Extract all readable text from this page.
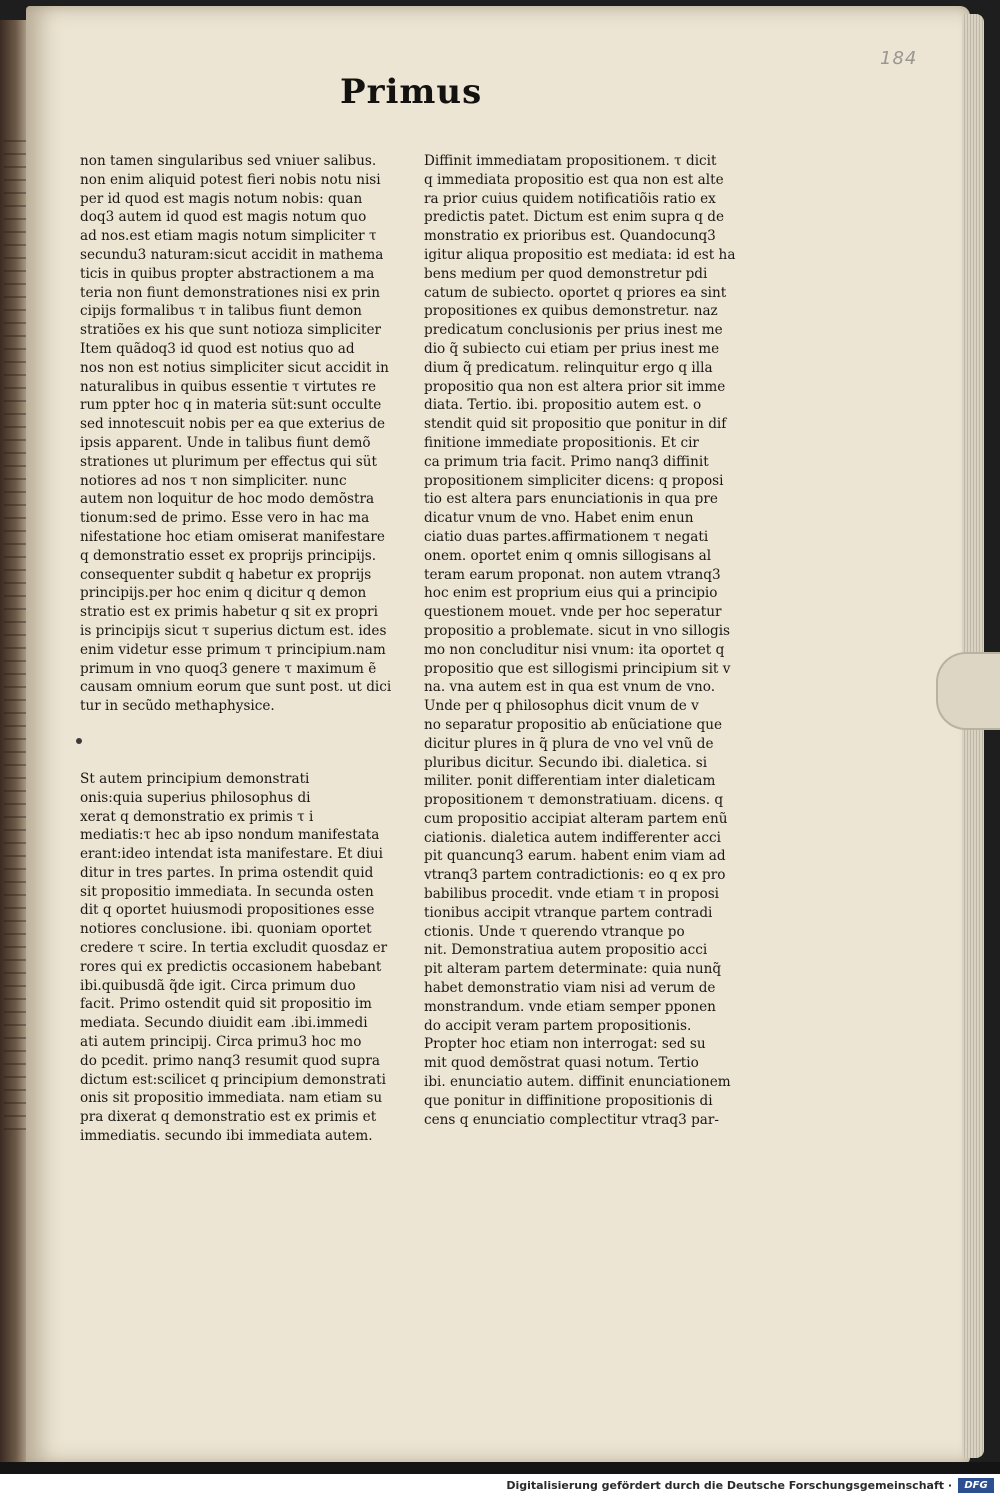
184
Primus
non tamen singularibus sed vniuer salibus.
non enim aliquid potest fieri nobis notu nisi
per id quod est magis notum nobis: quan
doq3 autem id quod est magis notum quo
ad nos.est etiam magis notum simpliciter τ
secundu3 naturam:sicut accidit in mathema
ticis in quibus propter abstractionem a ma
teria non fiunt demonstrationes nisi ex prin
cipijs formalibus τ in talibus fiunt demon
stratiões ex his que sunt notioza simpliciter
Item quãdoq3 id quod est notius quo ad
nos non est notius simpliciter sicut accidit in
naturalibus in quibus essentie τ virtutes re
rum ppter hoc q in materia süt:sunt occulte
sed innotescuit nobis per ea que exterius de
ipsis apparent. Unde in talibus fiunt demõ
strationes ut plurimum per effectus qui süt
notiores ad nos τ non simpliciter. nunc
autem non loquitur de hoc modo demõstra
tionum:sed de primo. Esse vero in hac ma
nifestatione hoc etiam omiserat manifestare
q demonstratio esset ex proprijs principijs.
consequenter subdit q habetur ex proprijs
principijs.per hoc enim q dicitur q demon
stratio est ex primis habetur q sit ex propri
is principijs sicut τ superius dictum est. ides
enim videtur esse primum τ principium.nam
primum in vno quoq3 genere τ maximum ẽ
causam omnium eorum que sunt post. ut dici
tur in secũdo methaphysice.
St autem principium demonstrati
onis:quia superius philosophus di
xerat q demonstratio ex primis τ i
mediatis:τ hec ab ipso nondum manifestata
erant:ideo intendat ista manifestare. Et diui
ditur in tres partes. In prima ostendit quid
sit propositio immediata. In secunda osten
dit q oportet huiusmodi propositiones esse
notiores conclusione. ibi. quoniam oportet
credere τ scire. In tertia excludit quosdaz er
rores qui ex predictis occasionem habebant
ibi.quibusdã q̃de igit. Circa primum duo
facit. Primo ostendit quid sit propositio im
mediata. Secundo diuidit eam .ibi.immedi
ati autem principij. Circa primu3 hoc mo
do pcedit. primo nanq3 resumit quod supra
dictum est:scilicet q principium demonstrati
onis sit propositio immediata. nam etiam su
pra dixerat q demonstratio est ex primis et
immediatis. secundo ibi immediata autem.
Diffinit immediatam propositionem. τ dicit
q immediata propositio est qua non est alte
ra prior cuius quidem notificatiõis ratio ex
predictis patet. Dictum est enim supra q de
monstratio ex prioribus est. Quandocunq3
igitur aliqua propositio est mediata: id est ha
bens medium per quod demonstretur pdi
catum de subiecto. oportet q priores ea sint
propositiones ex quibus demonstretur. naz
predicatum conclusionis per prius inest me
dio q̃ subiecto cui etiam per prius inest me
dium q̃ predicatum. relinquitur ergo q illa
propositio qua non est altera prior sit imme
diata. Tertio. ibi. propositio autem est. o
stendit quid sit propositio que ponitur in dif
finitione immediate propositionis. Et cir
ca primum tria facit. Primo nanq3 diffinit
propositionem simpliciter dicens: q proposi
tio est altera pars enunciationis in qua pre
dicatur vnum de vno. Habet enim enun
ciatio duas partes.affirmationem τ negati
onem. oportet enim q omnis sillogisans al
teram earum proponat. non autem vtranq3
hoc enim est proprium eius qui a principio
questionem mouet. vnde per hoc seperatur
propositio a problemate. sicut in vno sillogis
mo non concluditur nisi vnum: ita oportet q
propositio que est sillogismi principium sit v
na. vna autem est in qua est vnum de vno.
Unde per q philosophus dicit vnum de v
no separatur propositio ab enũciatione que
dicitur plures in q̃ plura de vno vel vnũ de
pluribus dicitur. Secundo ibi. dialetica. si
militer. ponit differentiam inter dialeticam
propositionem τ demonstratiuam. dicens. q
cum propositio accipiat alteram partem enũ
ciationis. dialetica autem indifferenter acci
pit quancunq3 earum. habent enim viam ad
vtranq3 partem contradictionis: eo q ex pro
babilibus procedit. vnde etiam τ in proposi
tionibus accipit vtranque partem contradi
ctionis. Unde τ querendo vtranque po
nit. Demonstratiua autem propositio acci
pit alteram partem determinate: quia nunq̃
habet demonstratio viam nisi ad verum de
monstrandum. vnde etiam semper pponen
do accipit veram partem propositionis.
Propter hoc etiam non interrogat: sed su
mit quod demõstrat quasi notum. Tertio
ibi. enunciatio autem. diffinit enunciationem
que ponitur in diffinitione propositionis di
cens q enunciatio complectitur vtraq3 par-
Digitalisierung gefördert durch die Deutsche Forschungsgemeinschaft ·	DFG
